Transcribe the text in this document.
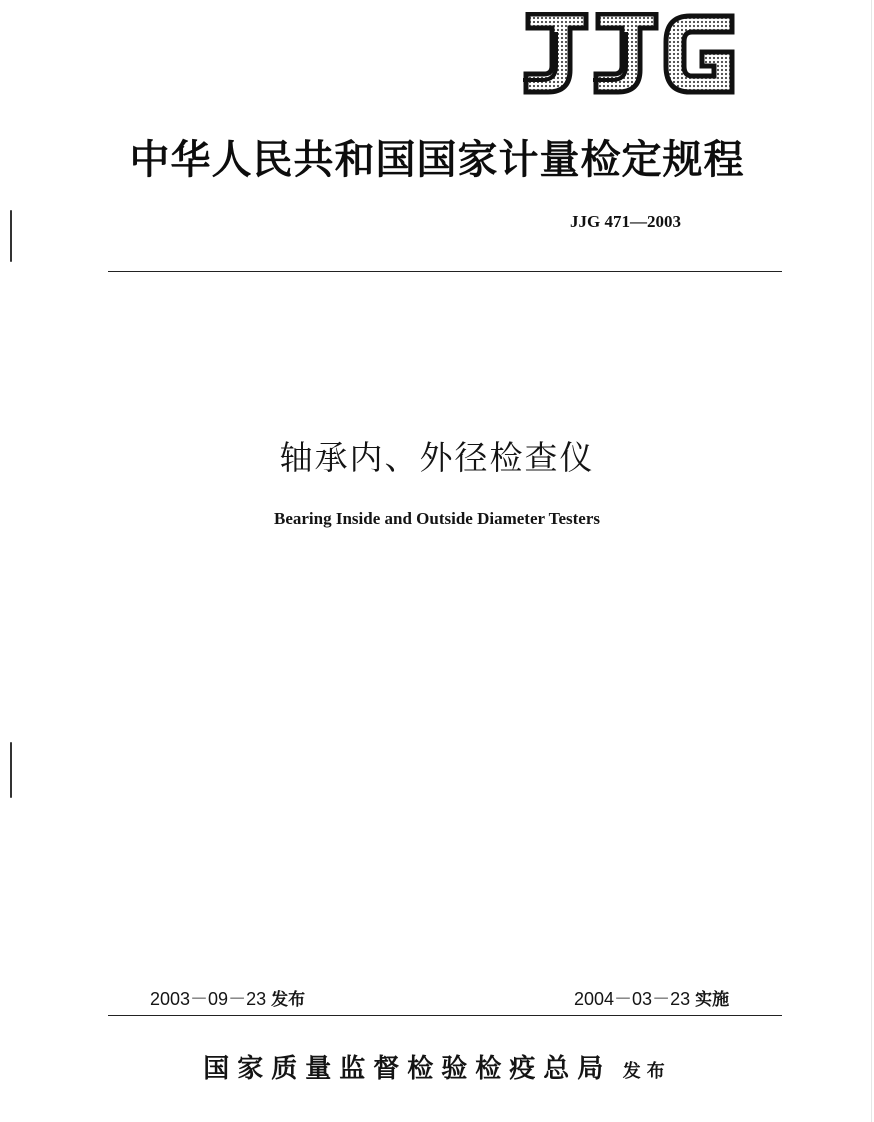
中华人民共和国国家计量检定规程
JJG 471—2003
轴承内、外径检查仪
Bearing Inside and Outside Diameter Testers
2003－09－23 发布	2004－03－23 实施
国家质量监督检验检疫总局 发布
